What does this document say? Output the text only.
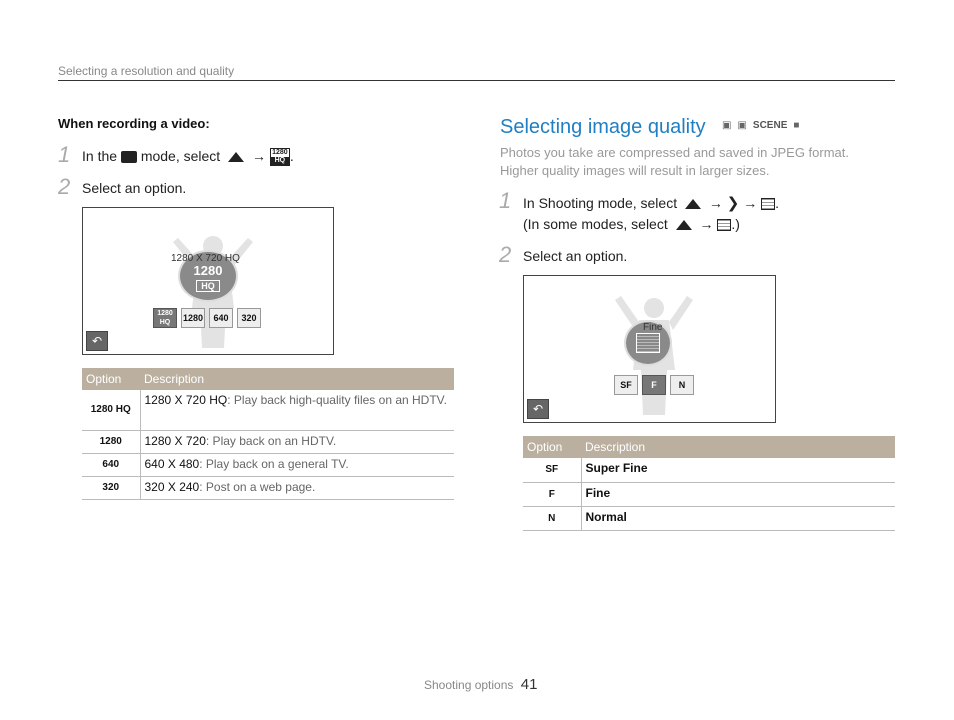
Selecting a resolution and quality
When recording a video:
1 In the mode, select → 1280
HQ .
2 Select an option.
1280
HQ
1280 X 720 HQ
1280 HQ	1280	640	320
↶
Option	Description
1280 HQ	1280 X 720 HQ: Play back high-quality files on an HDTV.
1280	1280 X 720: Play back on an HDTV.
640	640 X 480: Play back on a general TV.
320	320 X 240: Post on a web page.
Selecting image quality ▣ ▣ SCENE ■
Photos you take are compressed and saved in JPEG format.
Higher quality images will result in larger sizes.
1 In Shooting mode, select → ❯ → .
(In some modes, select → .)
2 Select an option.
Fine
SF	F	N
↶
Option	Description
SF	Super Fine
F	Fine
N	Normal
Shooting options 41
